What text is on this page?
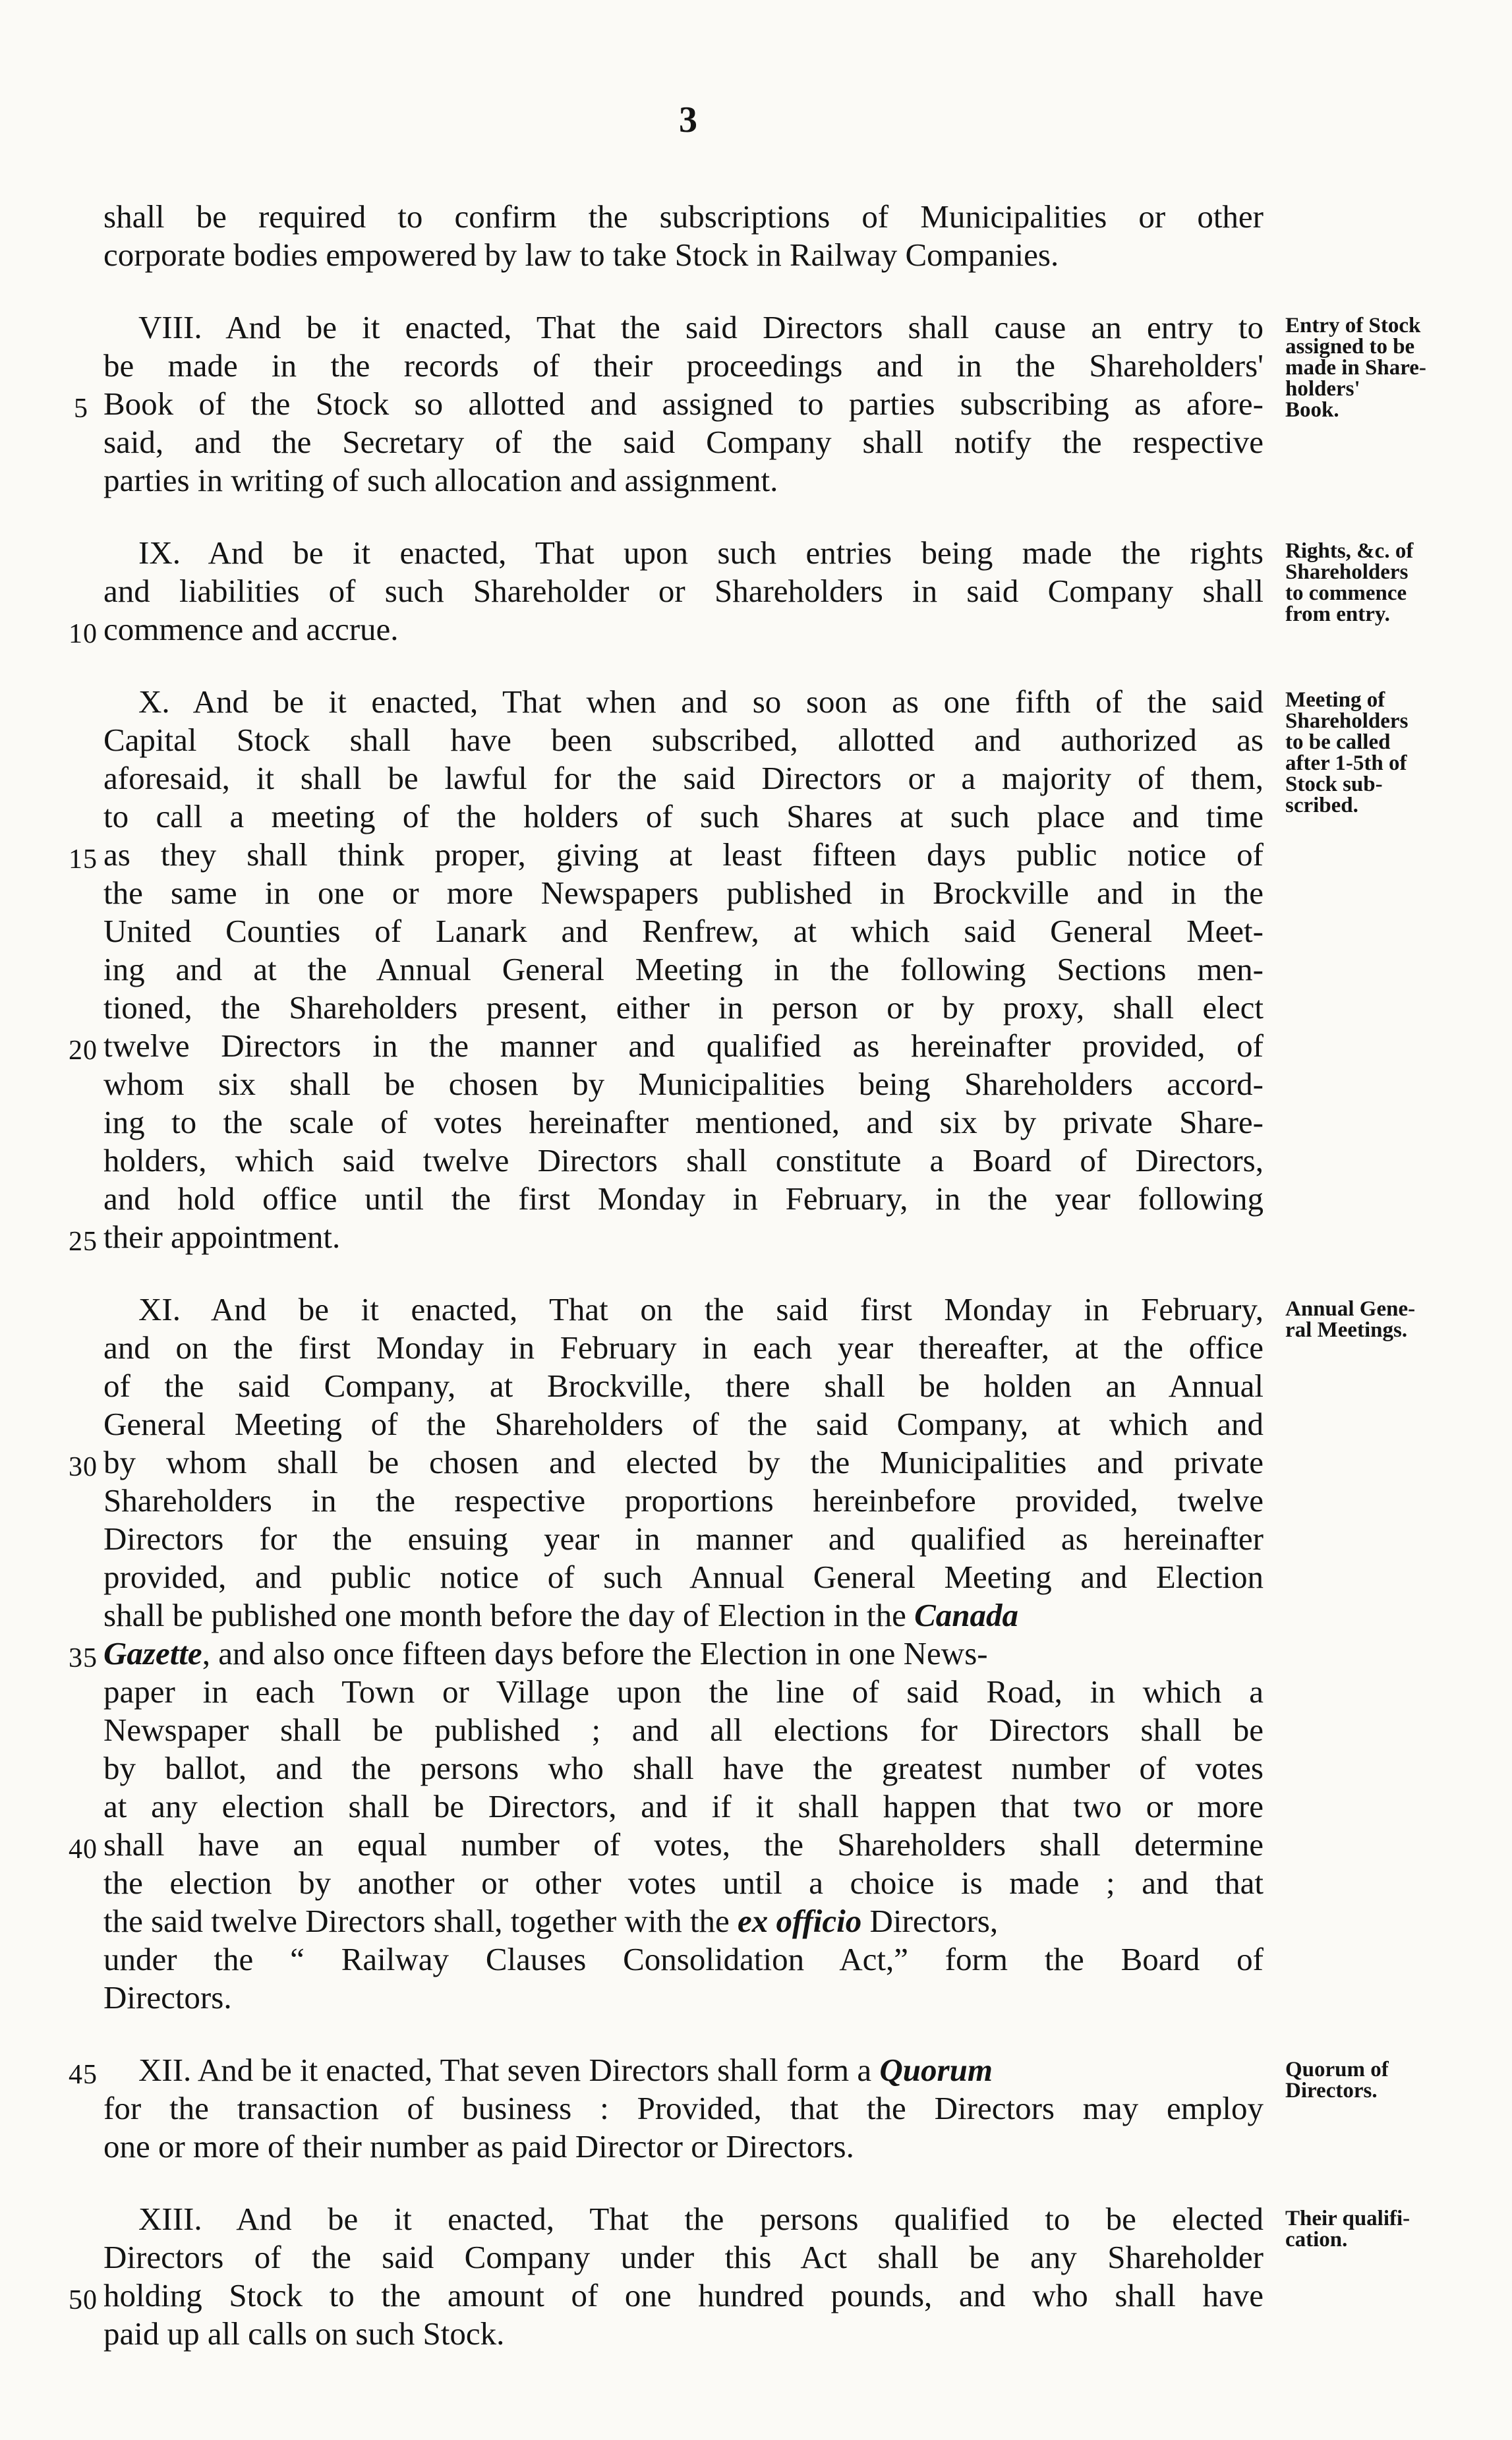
3
shall be required to confirm the subscriptions of Municipalities or other
corporate bodies empowered by law to take Stock in Railway Companies.
VIII. And be it enacted, That the said Directors shall cause an entry to
be made in the records of their proceedings and in the Shareholders'
Book of the Stock so allotted and assigned to parties subscribing as afore-
said, and the Secretary of the said Company shall notify the respective
parties in writing of such allocation and assignment.
IX. And be it enacted, That upon such entries being made the rights
and liabilities of such Shareholder or Shareholders in said Company shall
commence and accrue.
X. And be it enacted, That when and so soon as one fifth of the said
Capital Stock shall have been subscribed, allotted and authorized as
aforesaid, it shall be lawful for the said Directors or a majority of them,
to call a meeting of the holders of such Shares at such place and time
as they shall think proper, giving at least fifteen days public notice of
the same in one or more Newspapers published in Brockville and in the
United Counties of Lanark and Renfrew, at which said General Meet-
ing and at the Annual General Meeting in the following Sections men-
tioned, the Shareholders present, either in person or by proxy, shall elect
twelve Directors in the manner and qualified as hereinafter provided, of
whom six shall be chosen by Municipalities being Shareholders accord-
ing to the scale of votes hereinafter mentioned, and six by private Share-
holders, which said twelve Directors shall constitute a Board of Directors,
and hold office until the first Monday in February, in the year following
their appointment.
XI. And be it enacted, That on the said first Monday in February,
and on the first Monday in February in each year thereafter, at the office
of the said Company, at Brockville, there shall be holden an Annual
General Meeting of the Shareholders of the said Company, at which and
by whom shall be chosen and elected by the Municipalities and private
Shareholders in the respective proportions hereinbefore provided, twelve
Directors for the ensuing year in manner and qualified as hereinafter
provided, and public notice of such Annual General Meeting and Election
shall be published one month before the day of Election in the Canada
Gazette, and also once fifteen days before the Election in one News-
paper in each Town or Village upon the line of said Road, in which a
Newspaper shall be published ; and all elections for Directors shall be
by ballot, and the persons who shall have the greatest number of votes
at any election shall be Directors, and if it shall happen that two or more
shall have an equal number of votes, the Shareholders shall determine
the election by another or other votes until a choice is made ; and that
the said twelve Directors shall, together with the ex officio Directors,
under the “ Railway Clauses Consolidation Act,” form the Board of
Directors.
XII. And be it enacted, That seven Directors shall form a Quorum
for the transaction of business : Provided, that the Directors may employ
one or more of their number as paid Director or Directors.
XIII. And be it enacted, That the persons qualified to be elected
Directors of the said Company under this Act shall be any Shareholder
holding Stock to the amount of one hundred pounds, and who shall have
paid up all calls on such Stock.
5
10
15
20
25
30
35
40
45
50
Entry of Stock
assigned to be
made in Share-
holders'
Book.
Rights, &c. of
Shareholders
to commence
from entry.
Meeting of
Shareholders
to be called
after 1-5th of
Stock sub-
scribed.
Annual Gene-
ral Meetings.
Quorum of
Directors.
Their qualifi-
cation.
